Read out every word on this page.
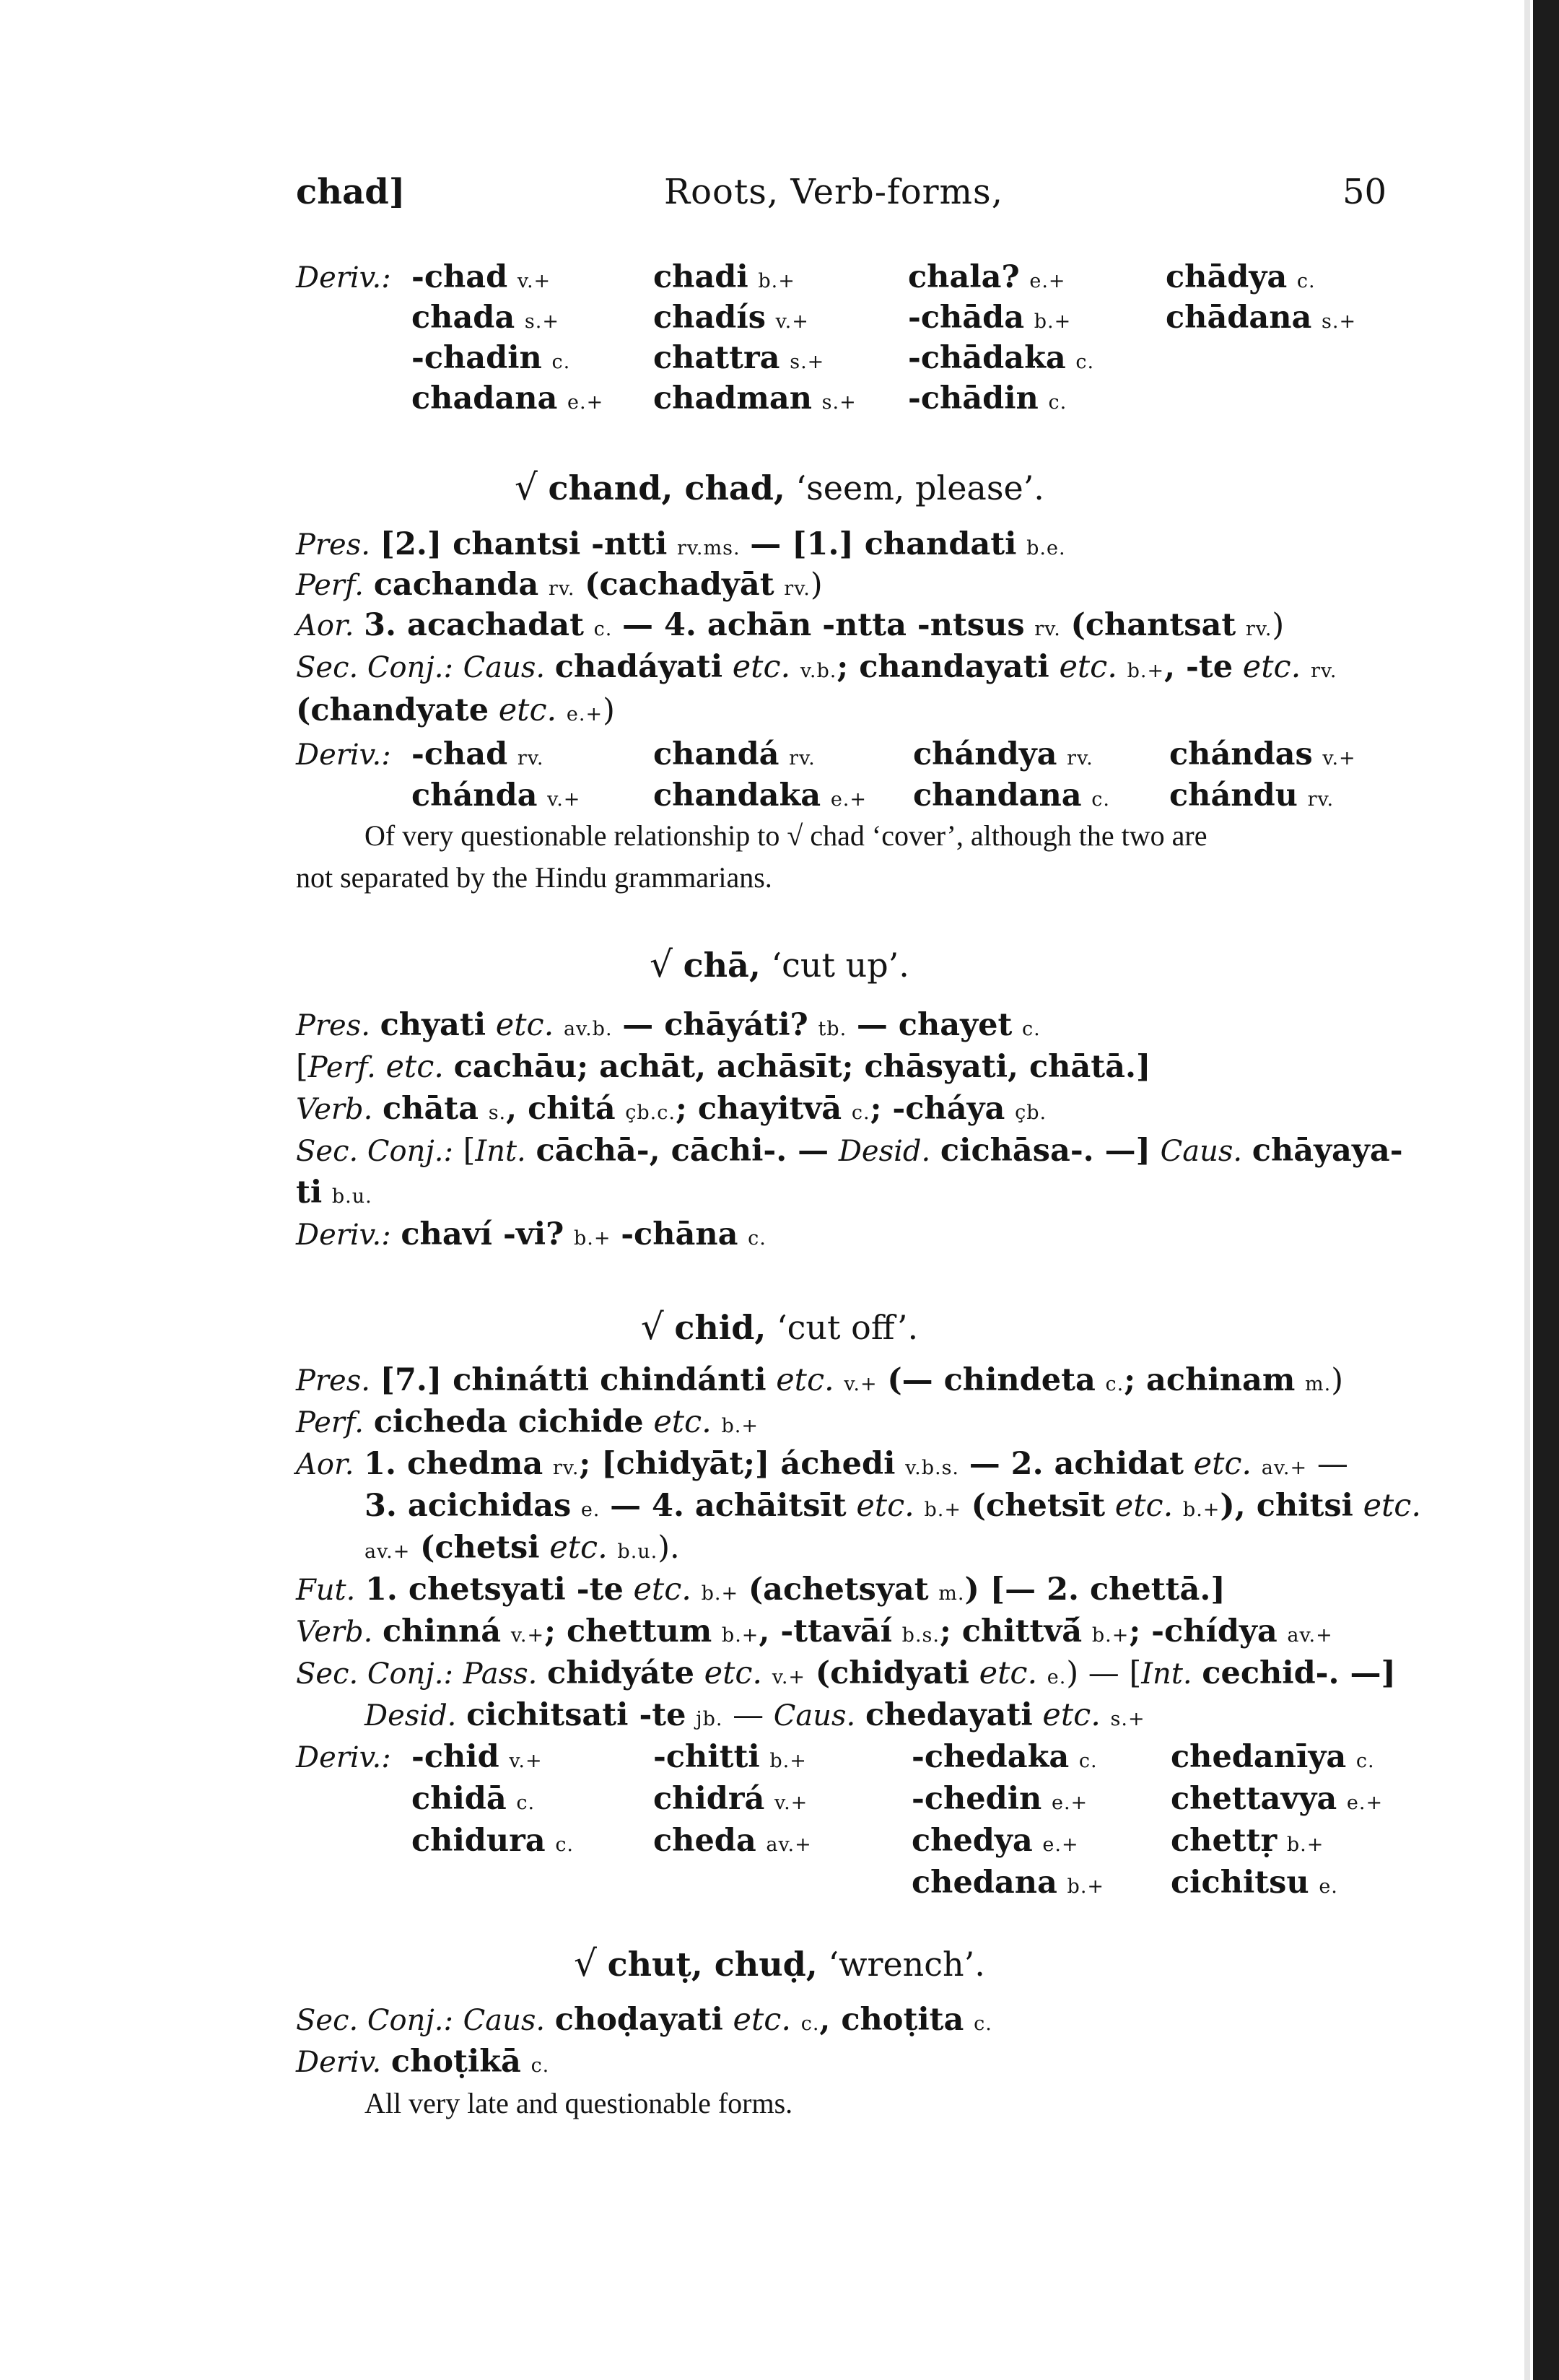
chad]	Roots, Verb-forms,	50
Deriv.: -chad v.+
chada s.+
-chadin c.
chadana e.+
chadi b.+
chadís v.+
chattra s.+
chadman s.+
chala? e.+
-chāda b.+
-chādaka c.
-chādin c.
chādya c.
chādana s.+
√ chand, chad, ‘seem, please’.
Pres. [2.] chantsi -ntti rv.ms. — [1.] chandati b.e.
Perf. cachanda rv. (cachadyāt rv.)
Aor. 3. acachadat c. — 4. achān -ntta -ntsus rv. (chantsat rv.)
Sec. Conj.: Caus. chadáyati etc. v.b.; chandayati etc. b.+, -te etc. rv.
(chandyate etc. e.+)
Deriv.: -chad rv.
chánda v.+
chandá rv.
chandaka e.+
chándya rv.
chandana c.
chándas v.+
chándu rv.
Of very questionable relationship to √ chad ‘cover’, although the two are
not separated by the Hindu grammarians.
√ chā, ‘cut up’.
Pres. chyati etc. av.b. — chāyáti? tb. — chayet c.
[Perf. etc. cachāu; achāt, achāsīt; chāsyati, chātā.]
Verb. chāta s., chitá çb.c.; chayitvā c.; -cháya çb.
Sec. Conj.: [Int. cāchā-, cāchi-. — Desid. cichāsa-. —] Caus. chāyaya-
ti b.u.
Deriv.: chaví -vi? b.+ -chāna c.
√ chid, ‘cut off’.
Pres. [7.] chinátti chindánti etc. v.+ (— chindeta c.; achinam m.)
Perf. cicheda cichide etc. b.+
Aor. 1. chedma rv.; [chidyāt;] áchedi v.b.s. — 2. achidat etc. av.+ —
3. acichidas e. — 4. achāitsīt etc. b.+ (chetsīt etc. b.+), chitsi etc.
av.+ (chetsi etc. b.u.).
Fut. 1. chetsyati -te etc. b.+ (achetsyat m.) [— 2. chettā.]
Verb. chinná v.+; chettum b.+, -ttavāí b.s.; chittvā́ b.+; -chídya av.+
Sec. Conj.: Pass. chidyáte etc. v.+ (chidyati etc. e.) — [Int. cechid-. —]
Desid. cichitsati -te jb. — Caus. chedayati etc. s.+
Deriv.: -chid v.+
chidā c.
chidura c.
-chitti b.+
chidrá v.+
cheda av.+
-chedaka c.
-chedin e.+
chedya e.+
chedana b.+
chedanīya c.
chettavya e.+
chettṛ b.+
cichitsu e.
√ chuṭ, chuḍ, ‘wrench’.
Sec. Conj.: Caus. choḍayati etc. c., choṭita c.
Deriv. choṭikā c.
All very late and questionable forms.
